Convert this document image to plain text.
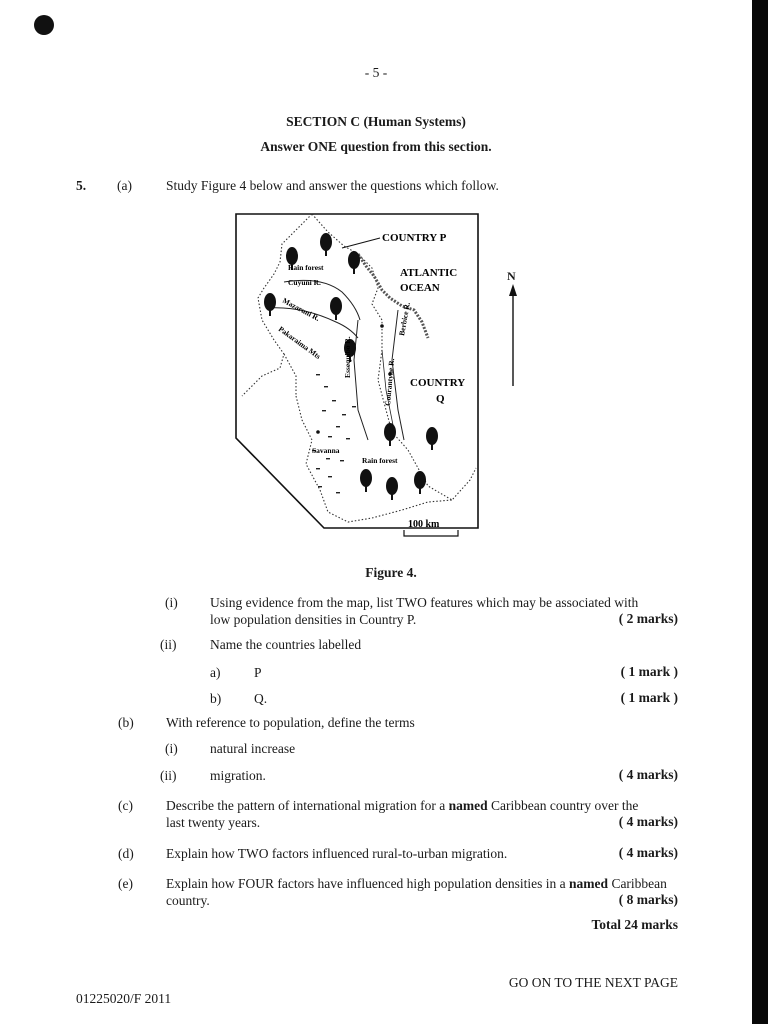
- 5 -
SECTION C (Human Systems)
Answer ONE question from this section.
5. (a)	Study Figure 4 below and answer the questions which follow.
COUNTRY P
ATLANTIC
OCEAN
COUNTRY
Q
Rain forest
Cuyuni R.
Mazaruni R.
Pakaraima Mts	Essequibo R.
Berbice R.
Courantyne R.
Savanna
Rain forest
100 km
N
Figure 4.
(i) Using evidence from the map, list TWO features which may be associated with
low population densities in Country P.	( 2 marks)
(ii) Name the countries labelled
a) P	( 1 mark )
b) Q.	( 1 mark )
(b) With reference to population, define the terms
(i) natural increase
(ii) migration.	( 4 marks)
(c) Describe the pattern of international migration for a named Caribbean country over the
last twenty years.	( 4 marks)
(d) Explain how TWO factors influenced rural-to-urban migration.	( 4 marks)
(e) Explain how FOUR factors have influenced high population densities in a named Caribbean
country.	( 8 marks)
Total 24 marks
GO ON TO THE NEXT PAGE
01225020/F 2011
